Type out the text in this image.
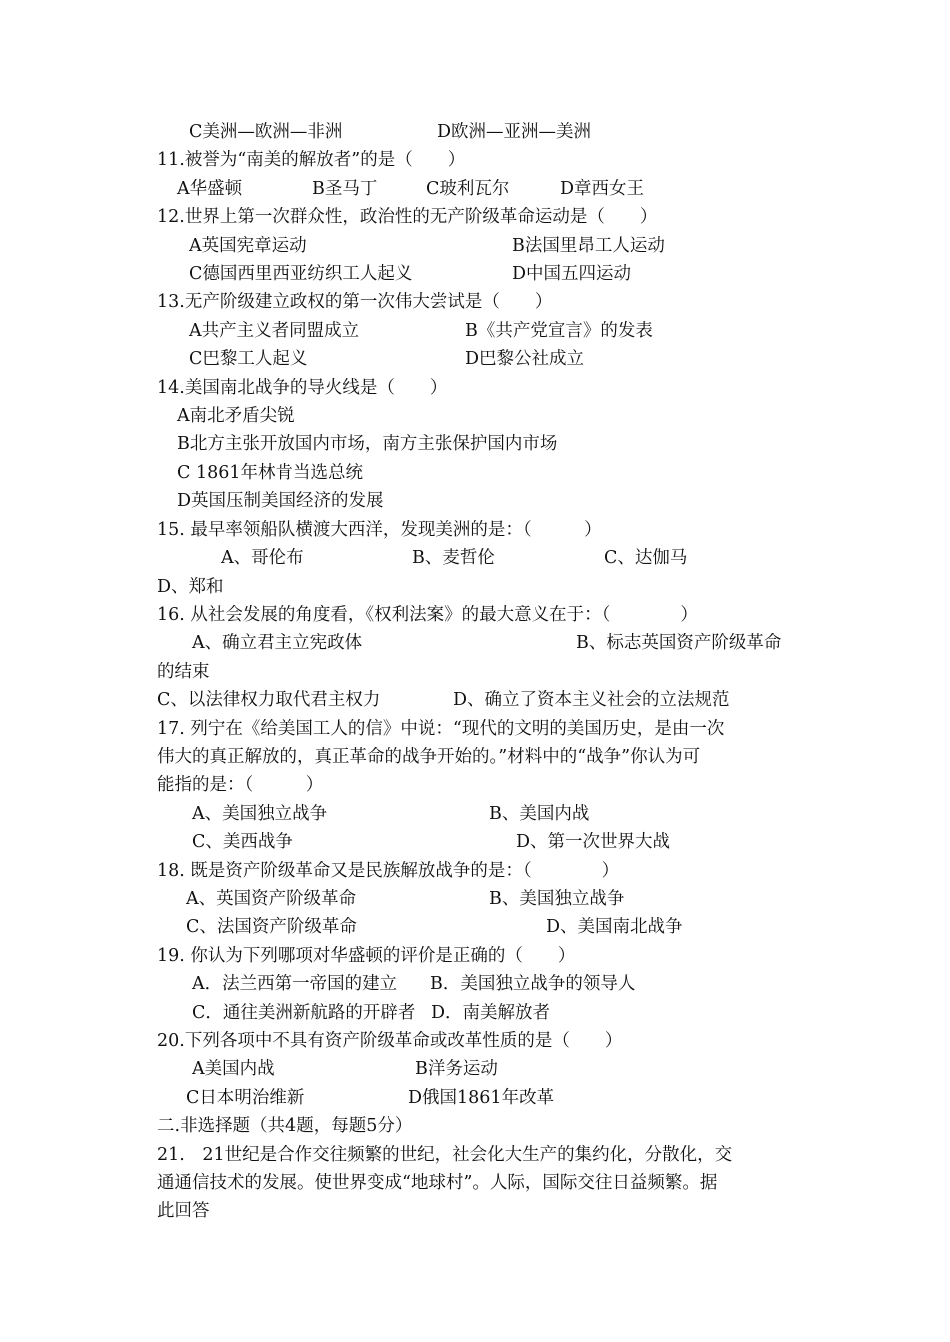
C美洲—欧洲—非洲	D欧洲—亚洲—美洲
11.被誉为“南美的解放者”的是（　　）
A华盛顿	B圣马丁	C玻利瓦尔	D章西女王
12.世界上第一次群众性，政治性的无产阶级革命运动是（　　）
A英国宪章运动	B法国里昂工人运动
C德国西里西亚纺织工人起义	D中国五四运动
13.无产阶级建立政权的第一次伟大尝试是（　　）
A共产主义者同盟成立	B《共产党宣言》的发表
C巴黎工人起义	D巴黎公社成立
14.美国南北战争的导火线是（　　）
A南北矛盾尖锐
B北方主张开放国内市场，南方主张保护国内市场
C 1861年林肯当选总统
D英国压制美国经济的发展
15. 最早率领船队横渡大西洋，发现美洲的是：（　　　）
A、哥伦布	B、麦哲伦	C、达伽马
D、郑和
16. 从社会发展的角度看，《权利法案》的最大意义在于：（　　　　）
A、确立君主立宪政体	B、标志英国资产阶级革命
的结束
C、以法律权力取代君主权力	D、确立了资本主义社会的立法规范
17. 列宁在《给美国工人的信》中说：“现代的文明的美国历史，是由一次
伟大的真正解放的，真正革命的战争开始的。”材料中的“战争”你认为可
能指的是：（　　　）
A、美国独立战争	B、美国内战
C、美西战争	D、第一次世界大战
18. 既是资产阶级革命又是民族解放战争的是：（　　　　）
A、英国资产阶级革命	B、美国独立战争
C、法国资产阶级革命	D、美国南北战争
19. 你认为下列哪项对华盛顿的评价是正确的（　　）
A．法兰西第一帝国的建立 B．美国独立战争的领导人
C．通往美洲新航路的开辟者 D．南美解放者
20.下列各项中不具有资产阶级革命或改革性质的是（　　）
A美国内战	B洋务运动
C日本明治维新	D俄国1861年改革
二.非选择题（共4题，每题5分）
21.　21世纪是合作交往频繁的世纪，社会化大生产的集约化，分散化，交
通通信技术的发展。使世界变成“地球村”。人际，国际交往日益频繁。据
此回答
